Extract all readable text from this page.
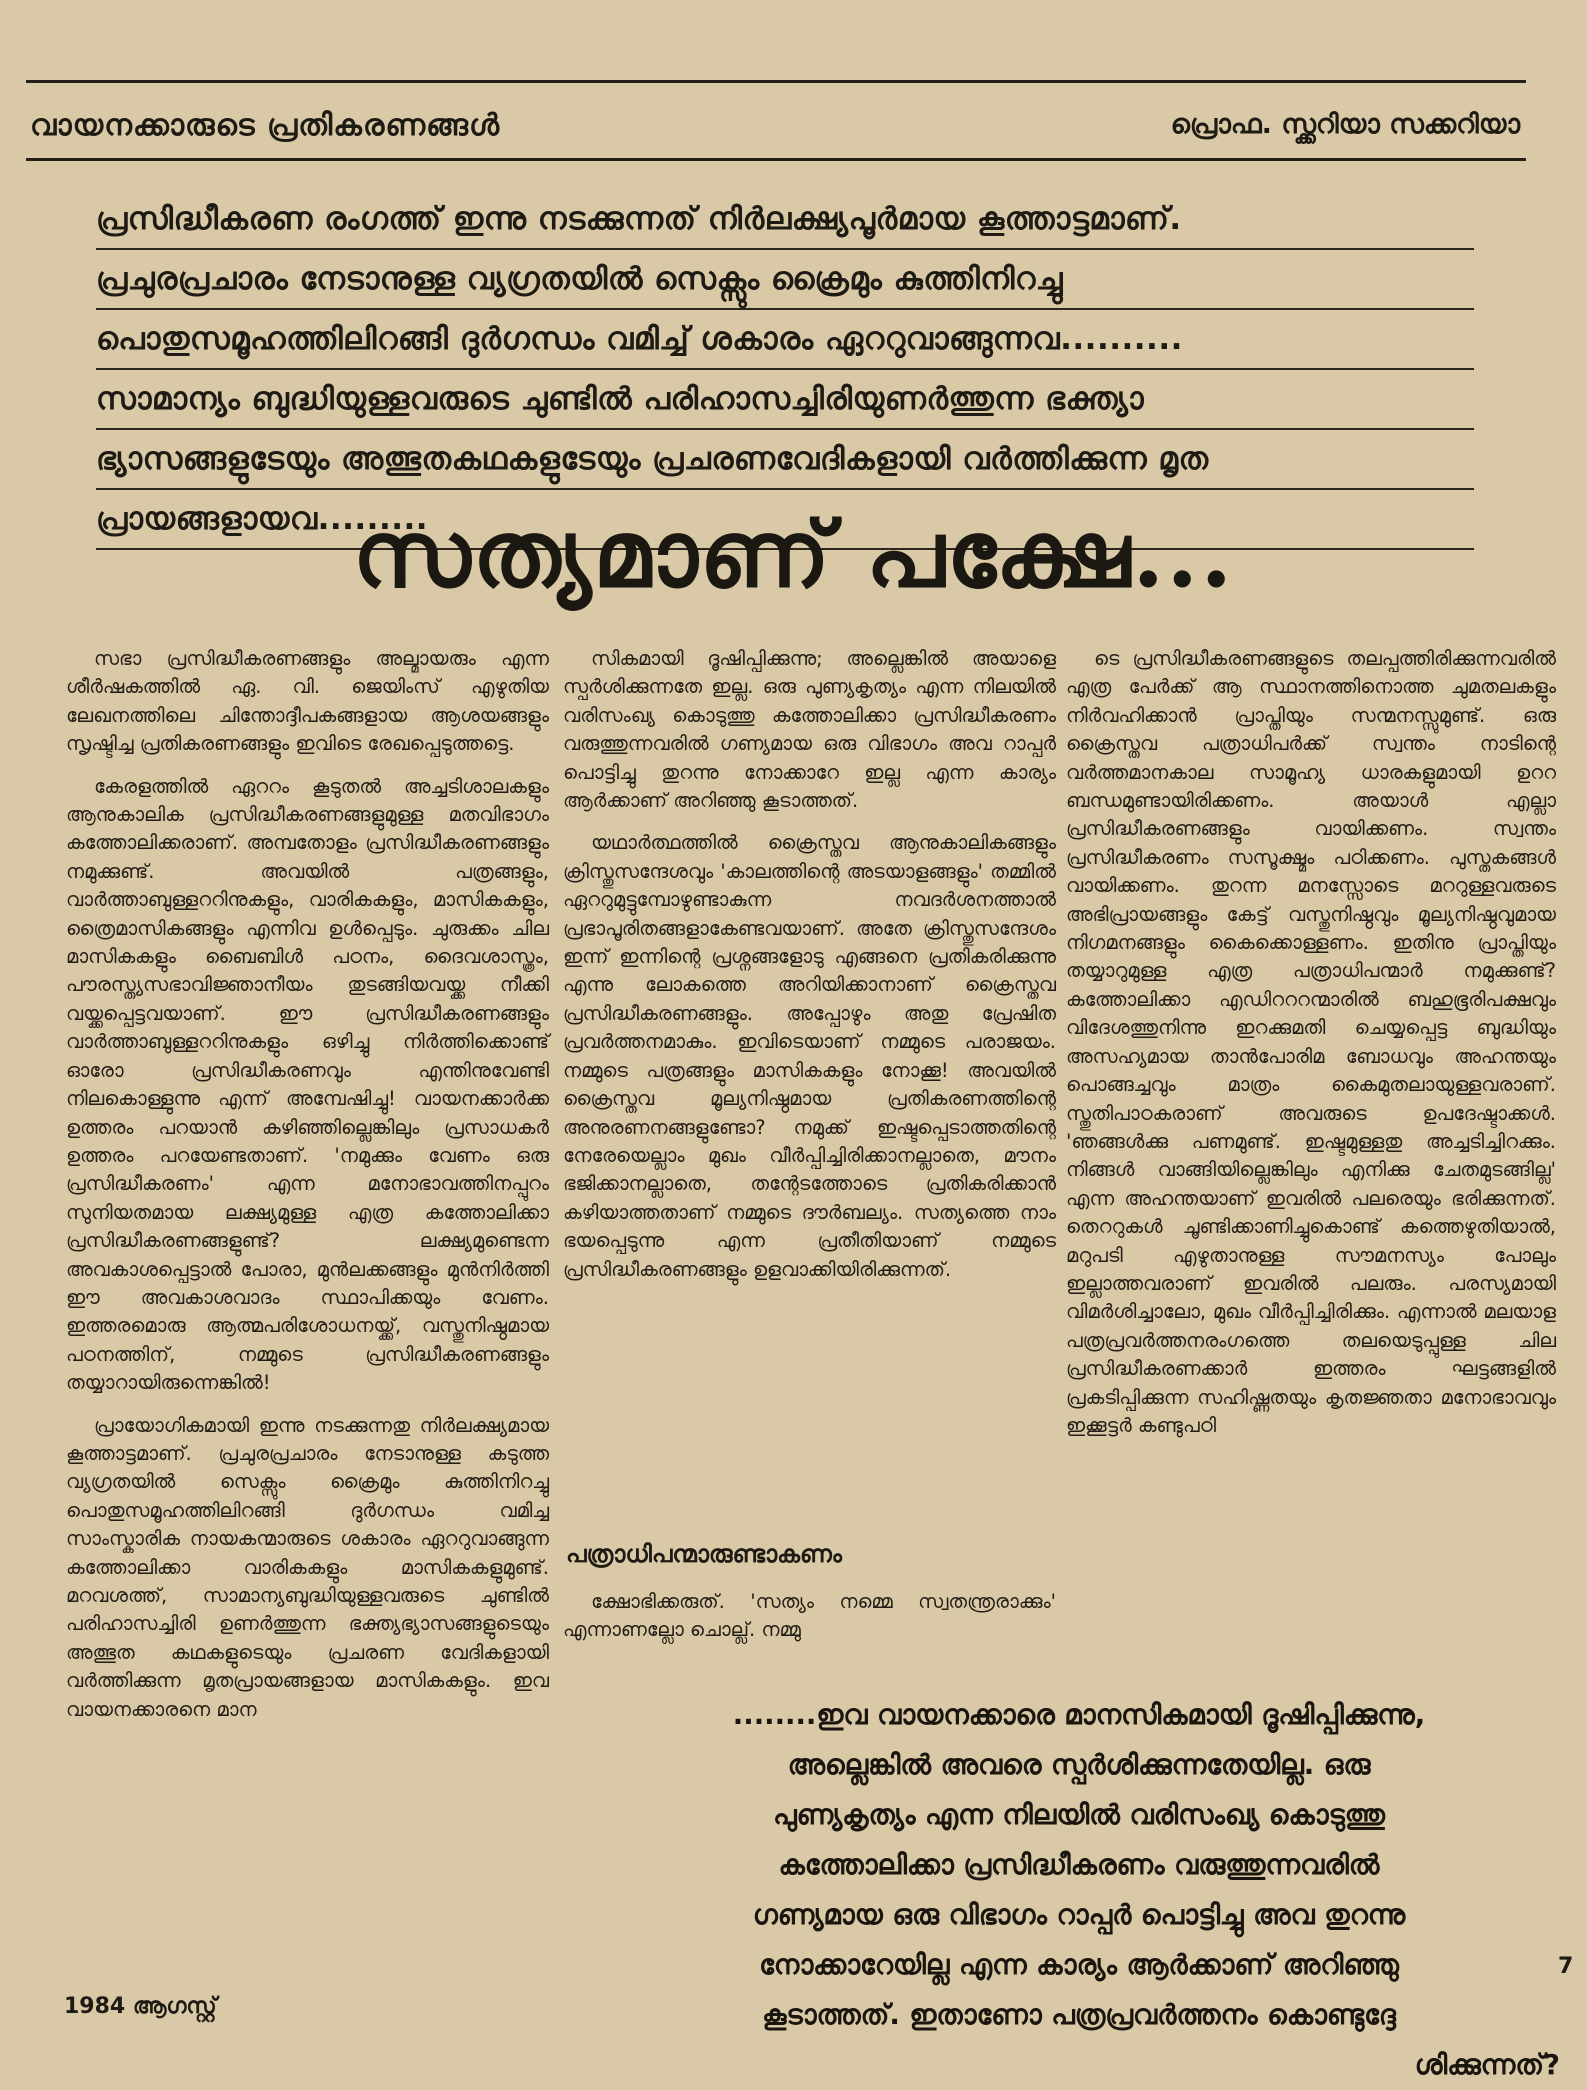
വായനക്കാരുടെ പ്രതികരണങ്ങൾ	പ്രൊഫ. സ്ക്കറിയാ സക്കറിയാ
പ്രസിദ്ധീകരണ രംഗത്ത് ഇന്നു നടക്കുന്നത് നിർലക്ഷ്യപൂർമായ കൂത്താട്ടമാണ്.
പ്രചുരപ്രചാരം നേടാനുള്ള വ്യഗ്രതയിൽ സെക്സും ക്രൈമും കുത്തിനിറച്ചു
പൊതുസമൂഹത്തിലിറങ്ങി ദുർഗന്ധം വമിച്ച് ശകാരം ഏററുവാങ്ങുന്നവ..........
സാമാന്യം ബുദ്ധിയുള്ളവരുടെ ചുണ്ടിൽ പരിഹാസച്ചിരിയുണർത്തുന്ന ഭക്ത്യാ
ഭ്യാസങ്ങളുടേയും അത്ഭുതകഥകളുടേയും പ്രചരണവേദികളായി വർത്തിക്കുന്ന മൃത
പ്രായങ്ങളായവ.........
സത്യമാണ് പക്ഷേ...

സഭാ പ്രസിദ്ധീകരണങ്ങളും അല്മായരും എന്ന ശീർഷകത്തിൽ ഏ. വി. ജെയിംസ് എഴുതിയ ലേഖനത്തിലെ ചിന്തോദ്ദീപകങ്ങളായ ആശയങ്ങളും സൃഷ്ടിച്ച പ്രതികരണങ്ങളും ഇവിടെ രേഖപ്പെടുത്തട്ടെ.

കേരളത്തിൽ ഏററം കൂടുതൽ അച്ചടിശാലകളും ആനുകാലിക പ്രസിദ്ധീകരണങ്ങളുമുള്ള മതവിഭാഗം കത്തോലിക്കരാണ്. അമ്പതോളം പ്രസിദ്ധീകരണങ്ങളും നമുക്കുണ്ട്. അവയിൽ പത്രങ്ങളും, വാർത്താബുള്ളററിനുകളും, വാരികകളും, മാസികകളും, ത്രൈമാസികങ്ങളും എന്നിവ ഉൾപ്പെടും. ചുരുക്കം ചില മാസികകളും ബൈബിൾ പഠനം, ദൈവശാസ്ത്രം, പൗരസ്ത്യസഭാവിജ്ഞാനീയം തുടങ്ങിയവയ്ക്ക നീക്കി വയ്ക്കപ്പെട്ടവയാണ്. ഈ പ്രസിദ്ധീകരണങ്ങളും വാർത്താബുള്ളററിനുകളും ഒഴിച്ചു നിർത്തിക്കൊണ്ട് ഓരോ പ്രസിദ്ധീകരണവും എന്തിനുവേണ്ടി നിലകൊള്ളുന്നു എന്ന് അമ്പേഷിച്ചു! വായനക്കാർക്ക ഉത്തരം പറയാൻ കഴിഞ്ഞില്ലെങ്കിലും പ്രസാധകർ ഉത്തരം പറയേണ്ടതാണ്. 'നമുക്കും വേണം ഒരു പ്രസിദ്ധീകരണം' എന്ന മനോഭാവത്തിനപ്പുറം സുനിയതമായ ലക്ഷ്യമുള്ള എത്ര കത്തോലിക്കാ പ്രസിദ്ധീകരണങ്ങളുണ്ട്? ലക്ഷ്യമുണ്ടെന്ന അവകാശപ്പെട്ടാൽ പോരാ, മുൻലക്കങ്ങളും മുൻനിർത്തി ഈ അവകാശവാദം സ്ഥാപിക്കയും വേണം. ഇത്തരമൊരു ആത്മപരിശോധനയ്ക്ക്, വസ്തുനിഷ്ഠമായ പഠനത്തിന്, നമ്മുടെ പ്രസിദ്ധീകരണങ്ങളും തയ്യാറായിരുന്നെങ്കിൽ!

പ്രായോഗികമായി ഇന്നു നടക്കുന്നതു നിർലക്ഷ്യമായ കൂത്താട്ടമാണ്. പ്രചുരപ്രചാരം നേടാനുള്ള കടുത്ത വ്യഗ്രതയിൽ സെക്സും ക്രൈമും കുത്തിനിറച്ചു പൊതുസമൂഹത്തിലിറങ്ങി ദുർഗന്ധം വമിച്ച സാംസ്കാരിക നായകന്മാരുടെ ശകാരം ഏററുവാങ്ങുന്ന കത്തോലിക്കാ വാരികകളും മാസികകളുമുണ്ട്. മറവശത്ത്, സാമാന്യബുദ്ധിയുള്ളവരുടെ ചുണ്ടിൽ പരിഹാസച്ചിരി ഉണർത്തുന്ന ഭക്ത്യഭ്യാസങ്ങളുടെയും അത്ഭുത കഥകളുടെയും പ്രചരണ വേദികളായി വർത്തിക്കുന്ന മൃതപ്രായങ്ങളായ മാസികകളും. ഇവ വായനക്കാരനെ മാന

സികമായി ദൂഷിപ്പിക്കുന്നു; അല്ലെങ്കിൽ അയാളെ സ്പർശിക്കുന്നതേ ഇല്ല. ഒരു പുണ്യകൃത്യം എന്ന നിലയിൽ വരിസംഖ്യ കൊടുത്തു കത്തോലിക്കാ പ്രസിദ്ധീകരണം വരുത്തുന്നവരിൽ ഗണ്യമായ ഒരു വിഭാഗം അവ റാപ്പർ പൊട്ടിച്ചു തുറന്നു നോക്കാറേ ഇല്ല എന്ന കാര്യം ആർക്കാണ് അറിഞ്ഞു കൂടാത്തത്.

യഥാർത്ഥത്തിൽ ക്രൈസ്തവ ആനുകാലികങ്ങളും ക്രിസ്തുസന്ദേശവും 'കാലത്തിന്റെ അടയാളങ്ങളും' തമ്മിൽ ഏററുമുട്ടുമ്പോഴുണ്ടാകുന്ന നവദർശനത്താൽ പ്രഭാപൂരിതങ്ങളാകേണ്ടവയാണ്. അതേ ക്രിസ്തുസന്ദേശം ഇന്ന് ഇന്നിന്റെ പ്രശ്നങ്ങളോടു എങ്ങനെ പ്രതികരിക്കുന്നു എന്നു ലോകത്തെ അറിയിക്കാനാണ് ക്രൈസ്തവ പ്രസിദ്ധീകരണങ്ങളും. അപ്പോഴും അതു പ്രേഷിത പ്രവർത്തനമാകും. ഇവിടെയാണ് നമ്മുടെ പരാജയം. നമ്മുടെ പത്രങ്ങളും മാസികകളും നോക്കൂ! അവയിൽ ക്രൈസ്തവ മൂല്യനിഷ്ഠമായ പ്രതികരണത്തിന്റെ അനുരണനങ്ങളുണ്ടോ? നമുക്ക് ഇഷ്ടപ്പെടാത്തതിന്റെ നേരേയെല്ലാം മുഖം വീർപ്പിച്ചിരിക്കാനല്ലാതെ, മൗനം ഭജിക്കാനല്ലാതെ, തന്റേടത്തോടെ പ്രതികരിക്കാൻ കഴിയാത്തതാണ് നമ്മുടെ ദൗർബല്യം. സത്യത്തെ നാം ഭയപ്പെടുന്നു എന്ന പ്രതീതിയാണ് നമ്മുടെ പ്രസിദ്ധീകരണങ്ങളും ഉളവാക്കിയിരിക്കുന്നത്.

പത്രാധിപന്മാരുണ്ടാകണം

ക്ഷോഭിക്കരുത്. 'സത്യം നമ്മെ സ്വതന്ത്രരാക്കും' എന്നാണല്ലോ ചൊല്ല്. നമ്മു

ടെ പ്രസിദ്ധീകരണങ്ങളുടെ തലപ്പത്തിരിക്കുന്നവരിൽ എത്ര പേർക്ക് ആ സ്ഥാനത്തിനൊത്ത ചുമതലകളും നിർവഹിക്കാൻ പ്രാപ്തിയും സന്മനസ്സുമുണ്ട്. ഒരു ക്രൈസ്തവ പത്രാധിപർക്ക് സ്വന്തം നാടിന്റെ വർത്തമാനകാല സാമൂഹ്യ ധാരകളുമായി ഉററ ബന്ധമുണ്ടായിരിക്കണം. അയാൾ എല്ലാ പ്രസിദ്ധീകരണങ്ങളും വായിക്കണം. സ്വന്തം പ്രസിദ്ധീകരണം സസൂക്ഷ്മം പഠിക്കണം. പുസ്തകങ്ങൾ വായിക്കണം. തുറന്ന മനസ്സോടെ മററുള്ളവരുടെ അഭിപ്രായങ്ങളും കേട്ട് വസ്തുനിഷ്ഠവും മൂല്യനിഷ്ഠവുമായ നിഗമനങ്ങളും കൈക്കൊള്ളണം. ഇതിനു പ്രാപ്തിയും തയ്യാറുമുള്ള എത്ര പത്രാധിപന്മാർ നമുക്കുണ്ട്? കത്തോലിക്കാ എഡിറററന്മാരിൽ ബഹുഭൂരിപക്ഷവും വിദേശത്തുനിന്നു ഇറക്കുമതി ചെയ്യപ്പെട്ട ബുദ്ധിയും അസഹ്യമായ താൻപോരിമ ബോധവും അഹന്തയും പൊങ്ങച്ചവും മാത്രം കൈമുതലായുള്ളവരാണ്. സ്തുതിപാഠകരാണ് അവരുടെ ഉപദേഷ്ടാക്കൾ. 'ഞങ്ങൾക്കു പണമുണ്ട്. ഇഷ്ടമുള്ളതു അച്ചടിച്ചിറക്കും. നിങ്ങൾ വാങ്ങിയില്ലെങ്കിലും എനിക്കു ചേതമുടങ്ങില്ല' എന്ന അഹന്തയാണ് ഇവരിൽ പലരെയും ഭരിക്കുന്നത്. തെററുകൾ ചൂണ്ടിക്കാണിച്ചുകൊണ്ട് കത്തെഴുതിയാൽ, മറുപടി എഴുതാനുള്ള സൗമനസ്യം പോലും ഇല്ലാത്തവരാണ് ഇവരിൽ പലരും. പരസ്യമായി വിമർശിച്ചാലോ, മുഖം വീർപ്പിച്ചിരിക്കും. എന്നാൽ മലയാള പത്രപ്രവർത്തനരംഗത്തെ തലയെടുപ്പുള്ള ചില പ്രസിദ്ധീകരണക്കാർ ഇത്തരം ഘട്ടങ്ങളിൽ പ്രകടിപ്പിക്കുന്ന സഹിഷ്ണതയും കൃതജ്ഞതാ മനോഭാവവും ഇക്കൂട്ടർ കണ്ടുപഠി

........ഇവ വായനക്കാരെ മാനസികമായി ദൂഷിപ്പിക്കുന്നു,
അല്ലെങ്കിൽ അവരെ സ്പർശിക്കുന്നതേയില്ല. ഒരു
പുണ്യകൃത്യം എന്ന നിലയിൽ വരിസംഖ്യ കൊടുത്തു
കത്തോലിക്കാ പ്രസിദ്ധീകരണം വരുത്തുന്നവരിൽ
ഗണ്യമായ ഒരു വിഭാഗം റാപ്പർ പൊട്ടിച്ചു അവ തുറന്നു
നോക്കാറേയില്ല എന്ന കാര്യം ആർക്കാണ് അറിഞ്ഞു
കൂടാത്തത്. ഇതാണോ പത്രപ്രവർത്തനം കൊണ്ടുദ്ദേ
ശിക്കുന്നത്?
7
1984 ആഗസ്റ്റ്
